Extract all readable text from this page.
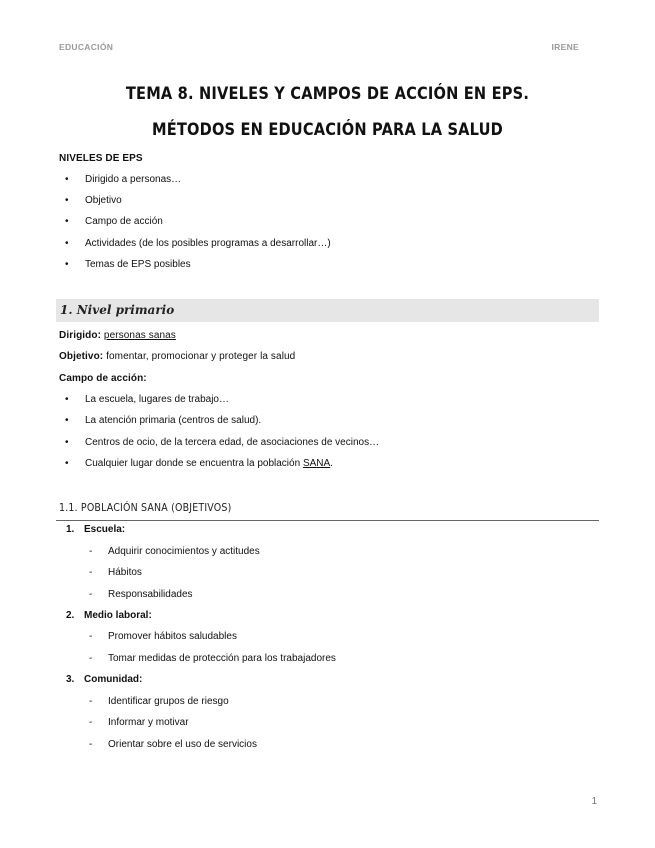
EDUCACIÓN	IRENE
TEMA 8. NIVELES Y CAMPOS DE ACCIÓN EN EPS.
MÉTODOS EN EDUCACIÓN PARA LA SALUD
NIVELES DE EPS
• Dirigido a personas…
• Objetivo
• Campo de acción
• Actividades (de los posibles programas a desarrollar…)
• Temas de EPS posibles
1. Nivel primario
Dirigido: personas sanas
Objetivo: fomentar, promocionar y proteger la salud
Campo de acción:
• La escuela, lugares de trabajo…
• La atención primaria (centros de salud).
• Centros de ocio, de la tercera edad, de asociaciones de vecinos…
• Cualquier lugar donde se encuentra la población SANA.
1.1. POBLACIÓN SANA (OBJETIVOS)
1. Escuela:
- Adquirir conocimientos y actitudes
- Hábitos
- Responsabilidades
2. Medio laboral:
- Promover hábitos saludables
- Tomar medidas de protección para los trabajadores
3. Comunidad:
- Identificar grupos de riesgo
- Informar y motivar
- Orientar sobre el uso de servicios
1
